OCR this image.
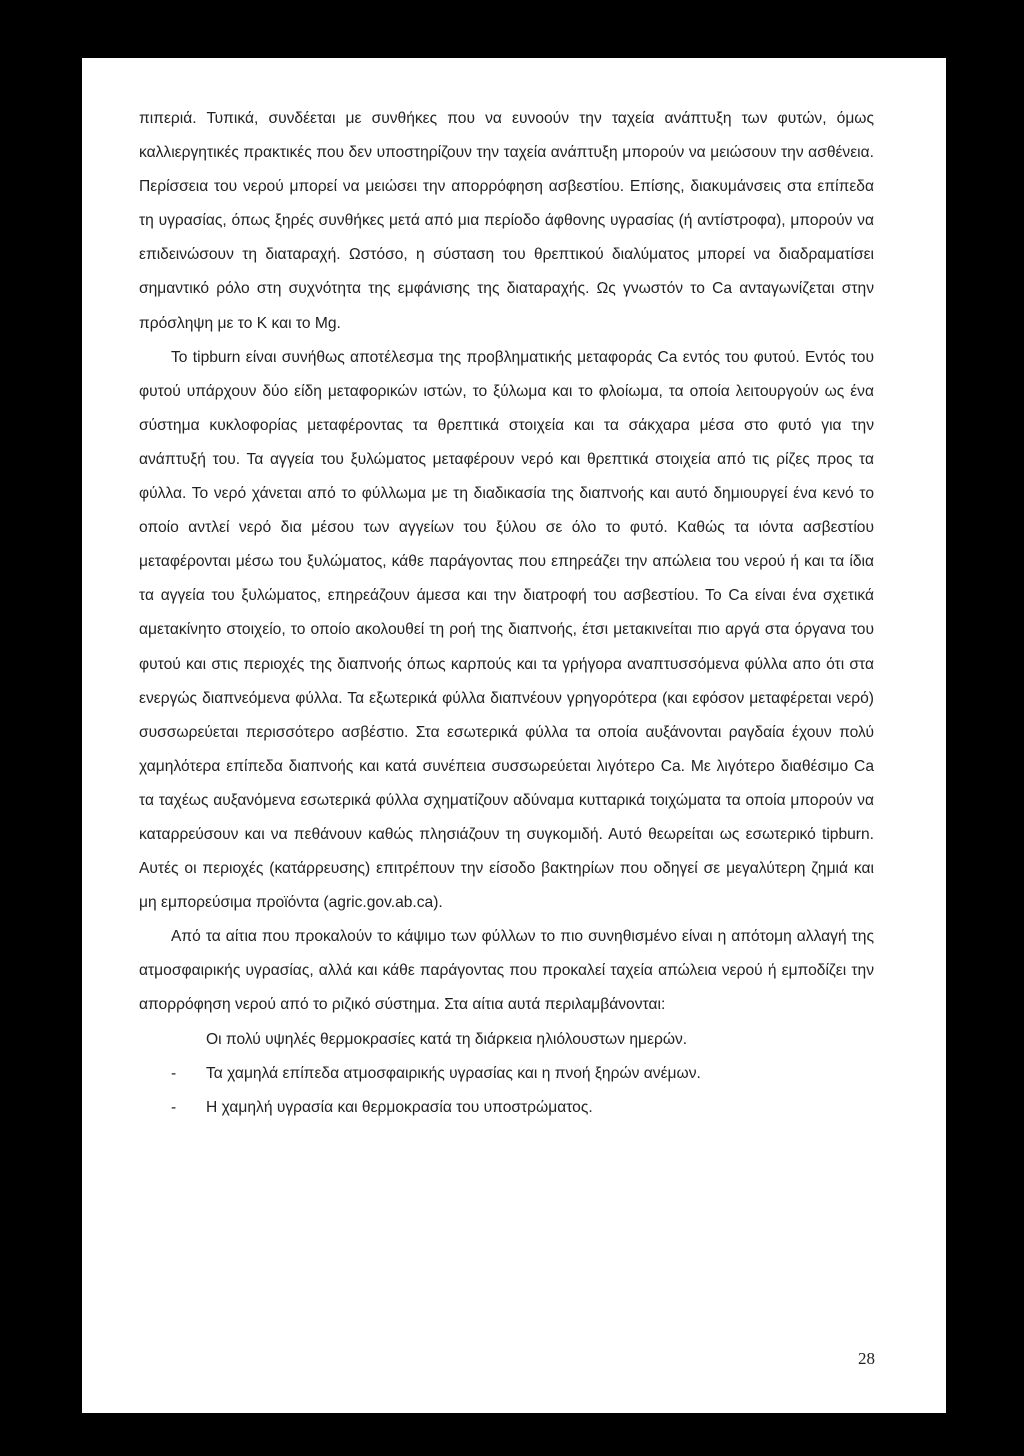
πιπεριά. Τυπικά, συνδέεται με συνθήκες που να ευνοούν την ταχεία ανάπτυξη των φυτών, όμως καλλιεργητικές πρακτικές που δεν υποστηρίζουν την ταχεία ανάπτυξη μπορούν να μειώσουν την ασθένεια. Περίσσεια του νερού μπορεί να μειώσει την απορρόφηση ασβεστίου. Επίσης, διακυμάνσεις στα επίπεδα τη υγρασίας, όπως ξηρές συνθήκες μετά από μια περίοδο άφθονης υγρασίας (ή αντίστροφα), μπορούν να επιδεινώσουν τη διαταραχή. Ωστόσο, η σύσταση του θρεπτικού διαλύματος μπορεί να διαδραματίσει σημαντικό ρόλο στη συχνότητα της εμφάνισης της διαταραχής. Ως γνωστόν το Ca ανταγωνίζεται στην πρόσληψη με το K και το Mg.

Το tipburn είναι συνήθως αποτέλεσμα της προβληματικής μεταφοράς Ca εντός του φυτού. Εντός του φυτού υπάρχουν δύο είδη μεταφορικών ιστών, το ξύλωμα και το φλοίωμα, τα οποία λειτουργούν ως ένα σύστημα κυκλοφορίας μεταφέροντας τα θρεπτικά στοιχεία και τα σάκχαρα μέσα στο φυτό για την ανάπτυξή του. Τα αγγεία του ξυλώματος μεταφέρουν νερό και θρεπτικά στοιχεία από τις ρίζες προς τα φύλλα. Το νερό χάνεται από το φύλλωμα με τη διαδικασία της διαπνοής και αυτό δημιουργεί ένα κενό το οποίο αντλεί νερό δια μέσου των αγγείων του ξύλου σε όλο το φυτό. Καθώς τα ιόντα ασβεστίου μεταφέρονται μέσω του ξυλώματος, κάθε παράγοντας που επηρεάζει την απώλεια του νερού ή και τα ίδια τα αγγεία του ξυλώματος, επηρεάζουν άμεσα και την διατροφή του ασβεστίου. Το Ca είναι ένα σχετικά αμετακίνητο στοιχείο, το οποίο ακολουθεί τη ροή της διαπνοής, έτσι μετακινείται πιο αργά στα όργανα του φυτού και στις περιοχές της διαπνοής όπως καρπούς και τα γρήγορα αναπτυσσόμενα φύλλα απο ότι στα ενεργώς διαπνεόμενα φύλλα. Τα εξωτερικά φύλλα διαπνέουν γρηγορότερα (και εφόσον μεταφέρεται νερό) συσσωρεύεται περισσότερο ασβέστιο. Στα εσωτερικά φύλλα τα οποία αυξάνονται ραγδαία έχουν πολύ χαμηλότερα επίπεδα διαπνοής και κατά συνέπεια συσσωρεύεται λιγότερο Ca. Με λιγότερο διαθέσιμο Ca τα ταχέως αυξανόμενα εσωτερικά φύλλα σχηματίζουν αδύναμα κυτταρικά τοιχώματα τα οποία μπορούν να καταρρεύσουν και να πεθάνουν καθώς πλησιάζουν τη συγκομιδή. Αυτό θεωρείται ως εσωτερικό tipburn. Αυτές οι περιοχές (κατάρρευσης) επιτρέπουν την είσοδο βακτηρίων που οδηγεί σε μεγαλύτερη ζημιά και μη εμπορεύσιμα προϊόντα (agric.gov.ab.ca).

Από τα αίτια που προκαλούν το κάψιμο των φύλλων το πιο συνηθισμένο είναι η απότομη αλλαγή της ατμοσφαιρικής υγρασίας, αλλά και κάθε παράγοντας που προκαλεί ταχεία απώλεια νερού ή εμποδίζει την απορρόφηση νερού από το ριζικό σύστημα. Στα αίτια αυτά περιλαμβάνονται:

Οι πολύ υψηλές θερμοκρασίες κατά τη διάρκεια ηλιόλουστων ημερών.
- Τα χαμηλά επίπεδα ατμοσφαιρικής υγρασίας και η πνοή ξηρών ανέμων.
- Η χαμηλή υγρασία και θερμοκρασία του υποστρώματος.
28
